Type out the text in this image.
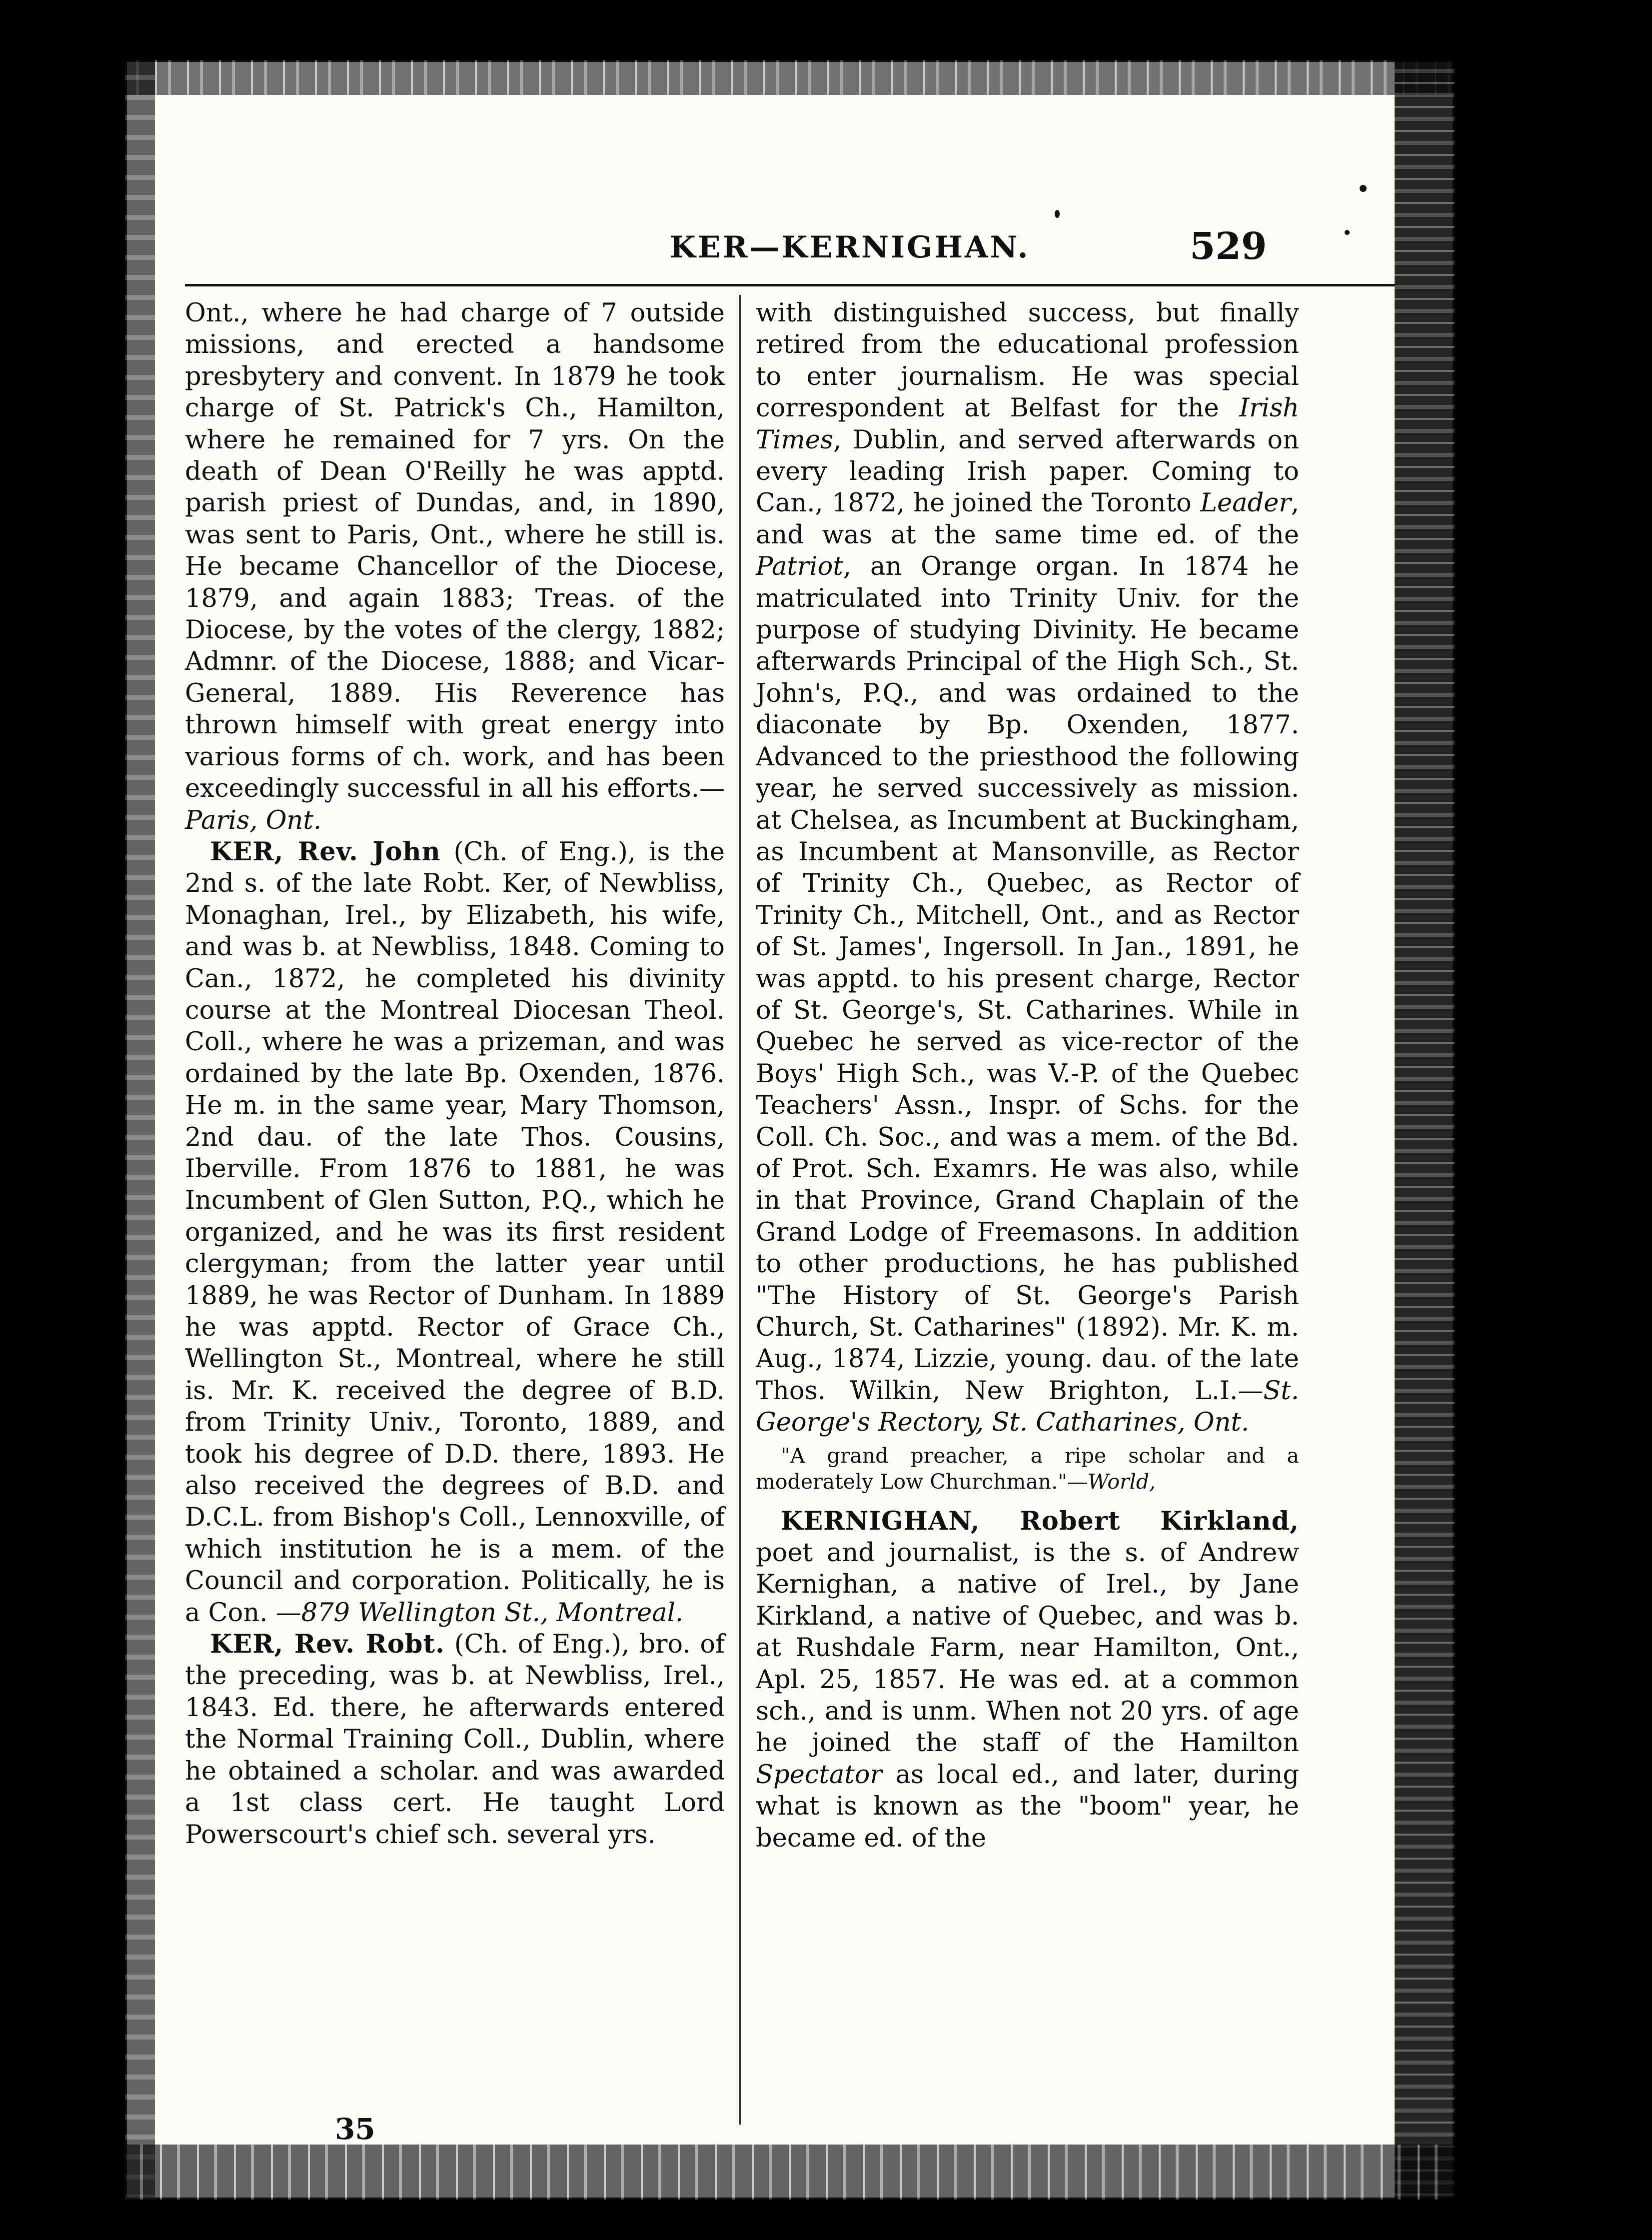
KER—KERNIGHAN.	529

Ont., where he had charge of 7 outside missions, and erected a handsome presbytery and convent. In 1879 he took charge of St. Patrick's Ch., Hamilton, where he remained for 7 yrs. On the death of Dean O'Reilly he was apptd. parish priest of Dundas, and, in 1890, was sent to Paris, Ont., where he still is. He became Chancellor of the Diocese, 1879, and again 1883; Treas. of the Diocese, by the votes of the clergy, 1882; Admnr. of the Diocese, 1888; and Vicar-General, 1889. His Reverence has thrown himself with great energy into various forms of ch. work, and has been exceedingly successful in all his efforts.—Paris, Ont.

KER, Rev. John (Ch. of Eng.), is the 2nd s. of the late Robt. Ker, of Newbliss, Monaghan, Irel., by Elizabeth, his wife, and was b. at Newbliss, 1848. Coming to Can., 1872, he completed his divinity course at the Montreal Diocesan Theol. Coll., where he was a prizeman, and was ordained by the late Bp. Oxenden, 1876. He m. in the same year, Mary Thomson, 2nd dau. of the late Thos. Cousins, Iberville. From 1876 to 1881, he was Incumbent of Glen Sutton, P.Q., which he organized, and he was its first resident clergyman; from the latter year until 1889, he was Rector of Dunham. In 1889 he was apptd. Rector of Grace Ch., Wellington St., Montreal, where he still is. Mr. K. received the degree of B.D. from Trinity Univ., Toronto, 1889, and took his degree of D.D. there, 1893. He also received the degrees of B.D. and D.C.L. from Bishop's Coll., Lennoxville, of which institution he is a mem. of the Council and corporation. Politically, he is a Con. —879 Wellington St., Montreal.

KER, Rev. Robt. (Ch. of Eng.), bro. of the preceding, was b. at Newbliss, Irel., 1843. Ed. there, he afterwards entered the Normal Training Coll., Dublin, where he obtained a scholar. and was awarded a 1st class cert. He taught Lord Powerscourt's chief sch. several yrs.

with distinguished success, but finally retired from the educational profession to enter journalism. He was special correspondent at Belfast for the Irish Times, Dublin, and served afterwards on every leading Irish paper. Coming to Can., 1872, he joined the Toronto Leader, and was at the same time ed. of the Patriot, an Orange organ. In 1874 he matriculated into Trinity Univ. for the purpose of studying Divinity. He became afterwards Principal of the High Sch., St. John's, P.Q., and was ordained to the diaconate by Bp. Oxenden, 1877. Advanced to the priesthood the following year, he served successively as mission. at Chelsea, as Incumbent at Buckingham, as Incumbent at Mansonville, as Rector of Trinity Ch., Quebec, as Rector of Trinity Ch., Mitchell, Ont., and as Rector of St. James', Ingersoll. In Jan., 1891, he was apptd. to his present charge, Rector of St. George's, St. Catharines. While in Quebec he served as vice-rector of the Boys' High Sch., was V.-P. of the Quebec Teachers' Assn., Inspr. of Schs. for the Coll. Ch. Soc., and was a mem. of the Bd. of Prot. Sch. Examrs. He was also, while in that Province, Grand Chaplain of the Grand Lodge of Freemasons. In addition to other productions, he has published "The History of St. George's Parish Church, St. Catharines" (1892). Mr. K. m. Aug., 1874, Lizzie, young. dau. of the late Thos. Wilkin, New Brighton, L.I.—St. George's Rectory, St. Catharines, Ont.

"A grand preacher, a ripe scholar and a moderately Low Churchman."—World,

KERNIGHAN, Robert Kirkland, poet and journalist, is the s. of Andrew Kernighan, a native of Irel., by Jane Kirkland, a native of Quebec, and was b. at Rushdale Farm, near Hamilton, Ont., Apl. 25, 1857. He was ed. at a common sch., and is unm. When not 20 yrs. of age he joined the staff of the Hamilton Spectator as local ed., and later, during what is known as the "boom" year, he became ed. of the

35
